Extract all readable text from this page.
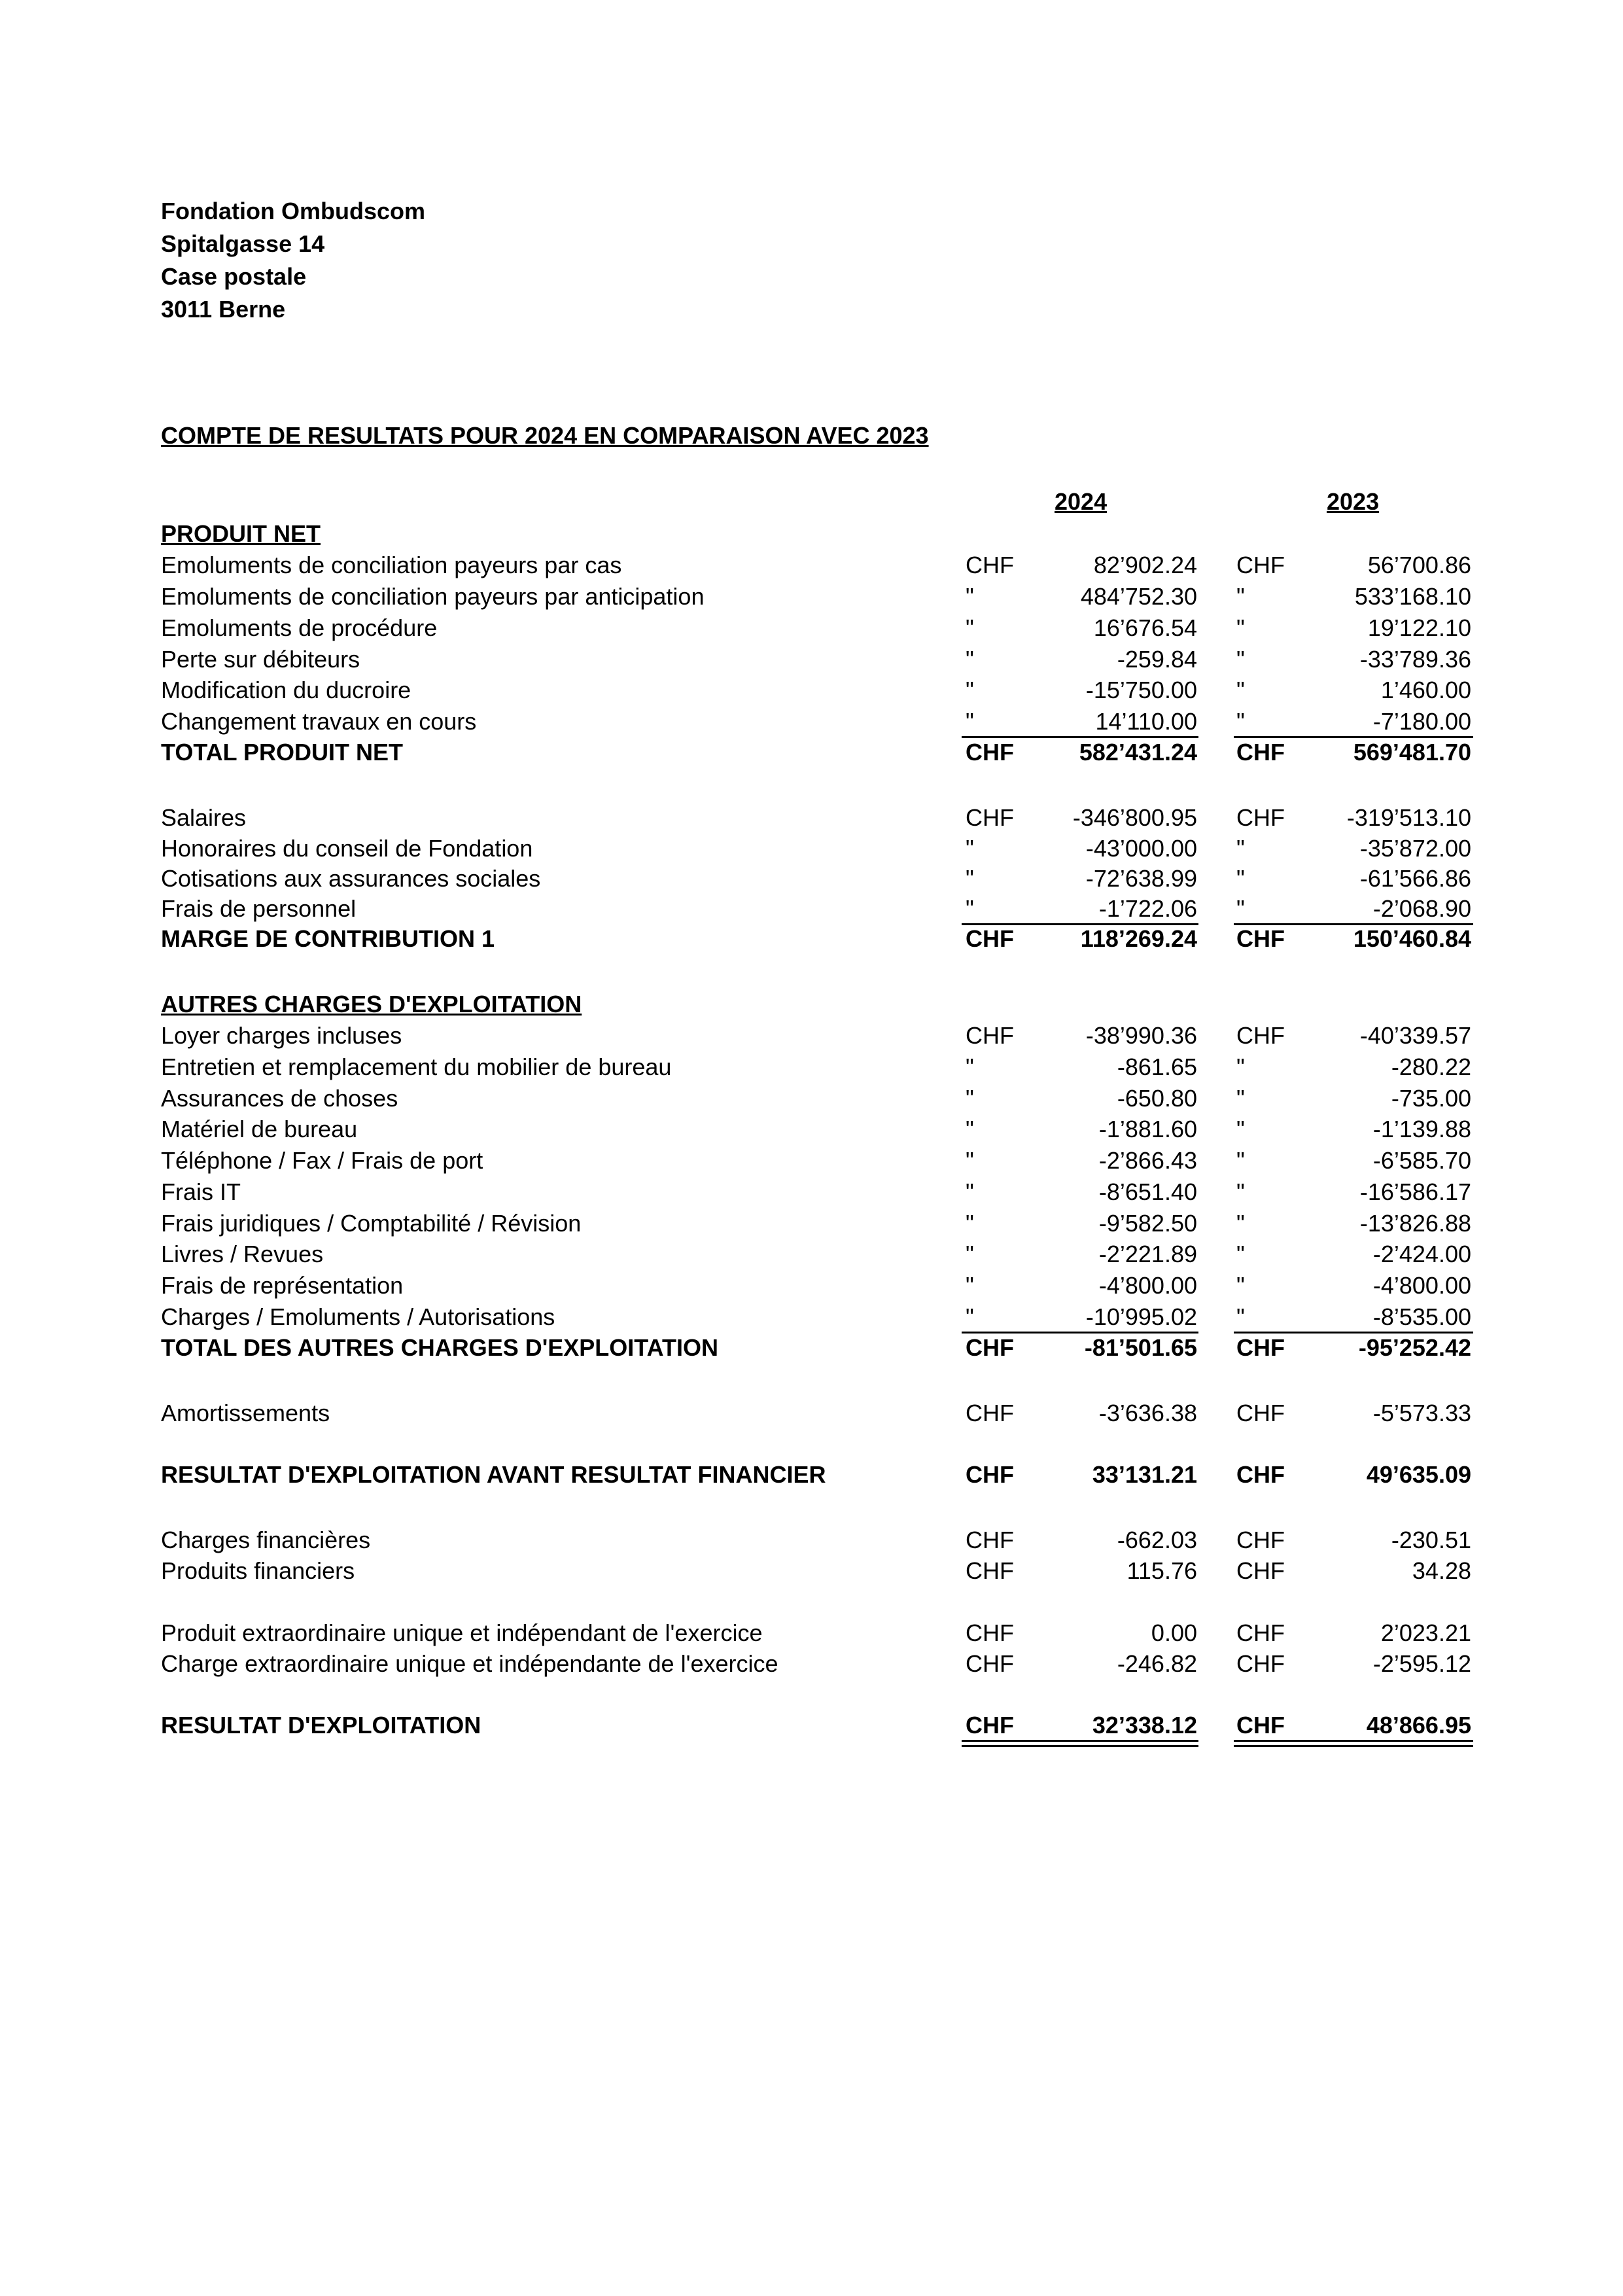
Fondation Ombudscom
Spitalgasse 14
Case postale
3011 Berne
COMPTE DE RESULTATS POUR 2024 EN COMPARAISON AVEC 2023
2024	2023
PRODUIT NET
Emoluments de conciliation payeurs par cas	CHF	82’902.24 CHF	56’700.86
Emoluments de conciliation payeurs par anticipation	"	484’752.30 "	533’168.10
Emoluments de procédure	"	16’676.54 "	19’122.10
Perte sur débiteurs	"	-259.84 "	-33’789.36
Modification du ducroire	"	-15’750.00 "	1’460.00
Changement travaux en cours	"	14’110.00 "	-7’180.00
TOTAL PRODUIT NET	CHF	582’431.24 CHF	569’481.70
Salaires	CHF -346’800.95 CHF	-319’513.10
Honoraires du conseil de Fondation	"	-43’000.00 "	-35’872.00
Cotisations aux assurances sociales	"	-72’638.99 "	-61’566.86
Frais de personnel	"	-1’722.06 "	-2’068.90
MARGE DE CONTRIBUTION 1	CHF	118’269.24 CHF	150’460.84
AUTRES CHARGES D'EXPLOITATION
Loyer charges incluses	CHF	-38’990.36 CHF	-40’339.57
Entretien et remplacement du mobilier de bureau	"	-861.65 "	-280.22
Assurances de choses	"	-650.80 "	-735.00
Matériel de bureau	"	-1’881.60 "	-1’139.88
Téléphone / Fax / Frais de port	"	-2’866.43 "	-6’585.70
Frais IT	"	-8’651.40 "	-16’586.17
Frais juridiques / Comptabilité / Révision	"	-9’582.50 "	-13’826.88
Livres / Revues	"	-2’221.89 "	-2’424.00
Frais de représentation	"	-4’800.00 "	-4’800.00
Charges / Emoluments / Autorisations	"	-10’995.02 "	-8’535.00
TOTAL DES AUTRES CHARGES D'EXPLOITATION	CHF	-81’501.65 CHF	-95’252.42
Amortissements	CHF	-3’636.38 CHF	-5’573.33
RESULTAT D'EXPLOITATION AVANT RESULTAT FINANCIER	CHF	33’131.21 CHF	49’635.09
Charges financières	CHF	-662.03 CHF	-230.51
Produits financiers	CHF	115.76 CHF	34.28
Produit extraordinaire unique et indépendant de l'exercice	CHF	0.00 CHF	2’023.21
Charge extraordinaire unique et indépendante de l'exercice	CHF	-246.82 CHF	-2’595.12
RESULTAT D'EXPLOITATION	CHF	32’338.12 CHF	48’866.95
